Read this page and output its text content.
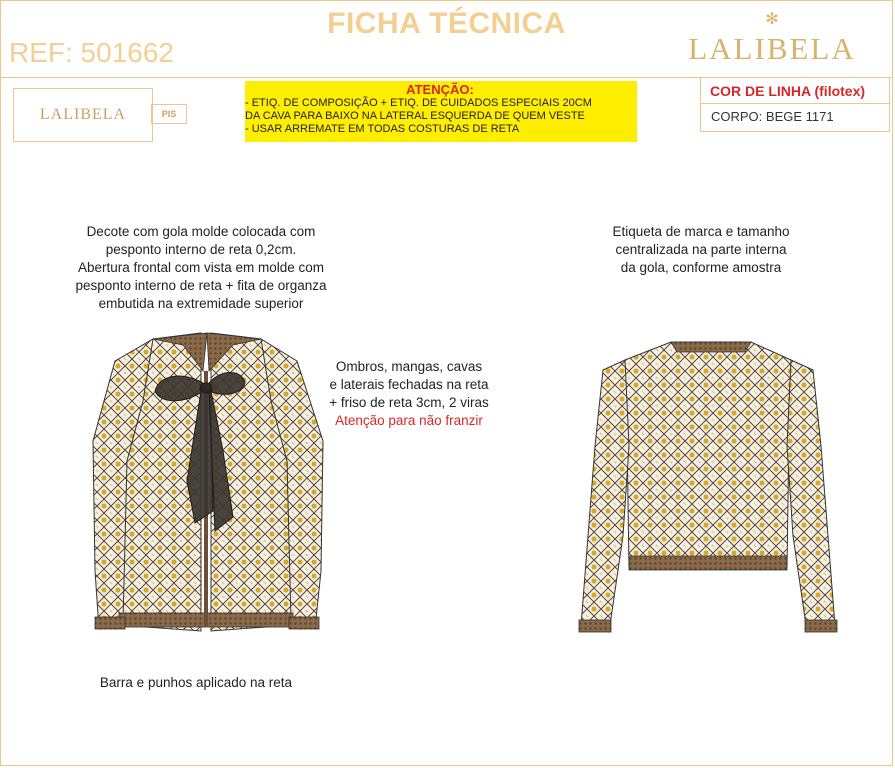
FICHA TÉCNICA
REF: 501662
✻
LALIBELA
LALIBELA	PIS
ATENÇÃO:
- ETIQ. DE COMPOSIÇÃO + ETIQ. DE CUIDADOS ESPECIAIS 20CM
DA CAVA PARA BAIXO NA LATERAL ESQUERDA DE QUEM VESTE
- USAR ARREMATE EM TODAS COSTURAS DE RETA
COR DE LINHA (filotex)
CORPO: BEGE 1171
Decote com gola molde colocada com
pesponto interno de reta 0,2cm.
Abertura frontal com vista em molde com
pesponto interno de reta + fita de organza
embutida na extremidade superior
Ombros, mangas, cavas
e laterais fechadas na reta
+ friso de reta 3cm, 2 viras
Atenção para não franzir
Barra e punhos aplicado na reta
Etiqueta de marca e tamanho
centralizada na parte interna
da gola, conforme amostra
